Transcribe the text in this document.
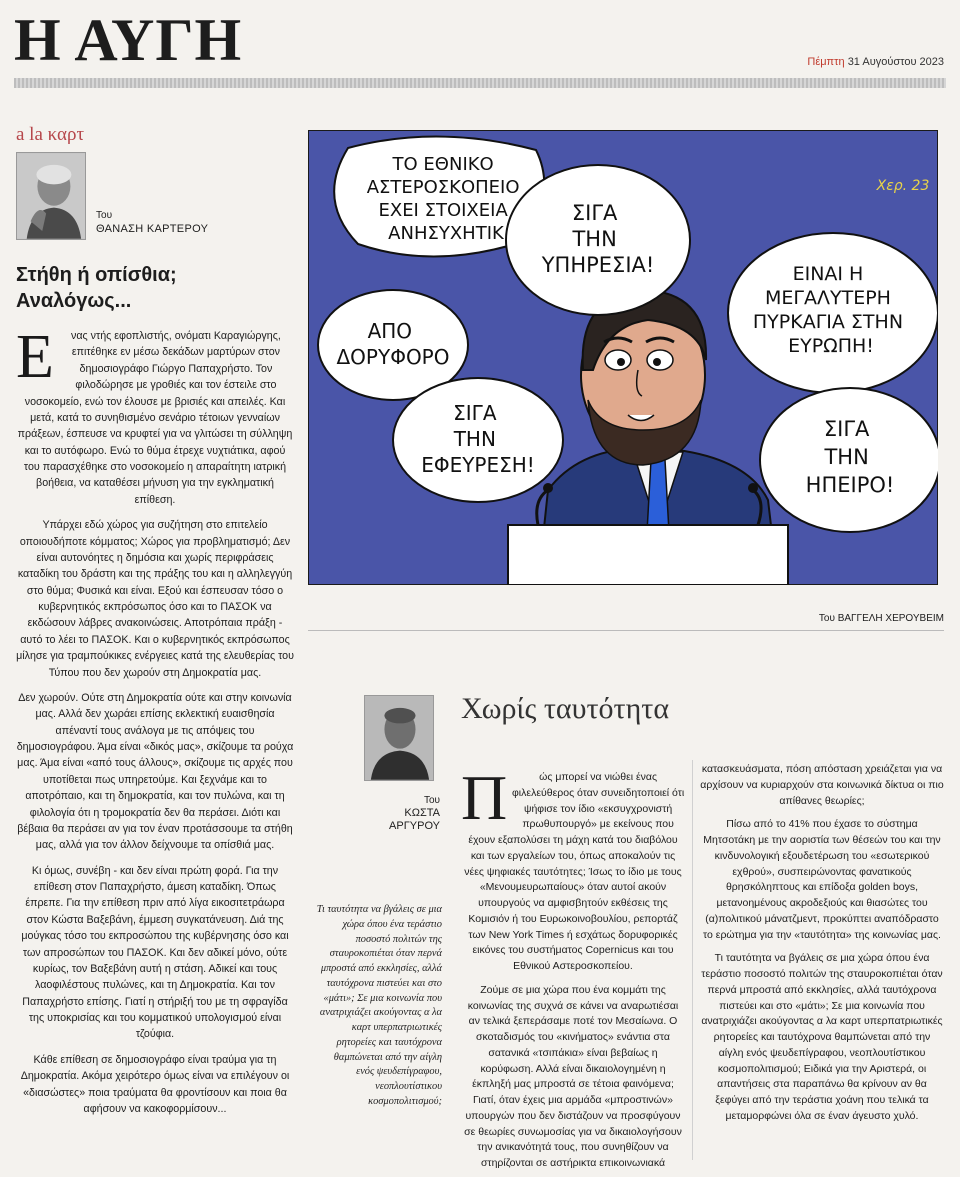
Η ΑΥΓΗ	Πέμπτη 31 Αυγούστου 2023
a la καρτ
Του
ΘΑΝΑΣΗ ΚΑΡΤΕΡΟΥ
Στήθη ή οπίσθια;
Αναλόγως...

Ε νας ντής εφοπλιστής, ονόματι Καραγιώργης, επιτέθηκε εν μέσω δεκάδων μαρτύρων στον δημοσιογράφο Γιώργο Παπαχρήστο. Τον φιλοδώρησε με γροθιές και τον έστειλε στο νοσοκομείο, ενώ τον έλουσε με βρισιές και απειλές. Και μετά, κατά το συνηθισμένο σενάριο τέτοιων γενναίων πράξεων, έσπευσε να κρυφτεί για να γλιτώσει τη σύλληψη και το αυτόφωρο. Ενώ το θύμα έτρεχε νυχτιάτικα, αφού του παρασχέθηκε στο νοσοκομείο η απαραίτητη ιατρική βοήθεια, να καταθέσει μήνυση για την εγκληματική επίθεση.

Υπάρχει εδώ χώρος για συζήτηση στο επιτελείο οποιουδήποτε κόμματος; Χώρος για προβληματισμό; Δεν είναι αυτονόητες η δημόσια και χωρίς περιφράσεις καταδίκη του δράστη και της πράξης του και η αλληλεγγύη στο θύμα; Φυσικά και είναι. Εξού και έσπευσαν τόσο ο κυβερνητικός εκπρόσωπος όσο και το ΠΑΣΟΚ να εκδώσουν λάβρες ανακοινώσεις. Αποτρόπαια πράξη - αυτό το λέει το ΠΑΣΟΚ. Και ο κυβερνητικός εκπρόσωπος μίλησε για τραμπούκικες ενέργειες κατά της ελευθερίας του Τύπου που δεν χωρούν στη Δημοκρατία μας.

Δεν χωρούν. Ούτε στη Δημοκρατία ούτε και στην κοινωνία μας. Αλλά δεν χωράει επίσης εκλεκτική ευαισθησία απέναντί τους ανάλογα με τις απόψεις του δημοσιογράφου. Άμα είναι «δικός μας», σκίζουμε τα ρούχα μας. Άμα είναι «από τους άλλους», σκίζουμε τις αρχές που υποτίθεται πως υπηρετούμε. Και ξεχνάμε και το αποτρόπαιο, και τη δημοκρατία, και τον πυλώνα, και τη φιλολογία ότι η τρομοκρατία δεν θα περάσει. Διότι και βέβαια θα περάσει αν για τον έναν προτάσσουμε τα στήθη μας, αλλά για τον άλλον δείχνουμε τα οπίσθιά μας.

Κι όμως, συνέβη - και δεν είναι πρώτη φορά. Για την επίθεση στον Παπαχρήστο, άμεση καταδίκη. Όπως έπρεπε. Για την επίθεση πριν από λίγα εικοσιτετράωρα στον Κώστα Βαξεβάνη, έμμεση συγκατάνευση. Διά της μούγκας τόσο του εκπροσώπου της κυβέρνησης όσο και των απροσώπων του ΠΑΣΟΚ. Και δεν αδικεί μόνο, ούτε κυρίως, τον Βαξεβάνη αυτή η στάση. Αδικεί και τους λαοφιλέστους πυλώνες, και τη Δημοκρατία. Και τον Παπαχρήστο επίσης. Γιατί η στήριξή του με τη σφραγίδα της υποκρισίας και του κομματικού υπολογισμού είναι τζούφια.

Κάθε επίθεση σε δημοσιογράφο είναι τραύμα για τη Δημοκρατία. Ακόμα χειρότερο όμως είναι να επιλέγουν οι «διασώστες» ποια τραύματα θα φροντίσουν και ποια θα αφήσουν να κακοφορμίσουν...

ΤΟ ΕΘΝΙΚΟ ΑΣΤΕΡΟΣΚΟΠΕΙΟ ΕΧΕΙ ΣΤΟΙΧΕΙΑ ΑΝΗΣΥΧΗΤΙΚ
ΣΙΓΑ ΤΗΝ ΥΠΗΡΕΣΙΑ!	ΕΙΝΑΙ Η ΜΕΓΑΛΥΤΕΡΗ ΠΥΡΚΑΓΙΑ ΣΤΗΝ ΕΥΡΩΠΗ!
ΑΠΟ ΔΟΡΥΦΟΡΟ
ΣΙΓΑ ΤΗΝ ΕΦΕΥΡΕΣΗ!
ΣΙΓΑ ΤΗΝ ΗΠΕΙΡΟ!
Χερ. 23
Του ΒΑΓΓΕΛΗ ΧΕΡΟΥΒΕΙΜ
Του
ΚΩΣΤΑ
ΑΡΓΥΡΟΥ
Χωρίς ταυτότητα
Τι ταυτότητα να βγάλεις σε μια χώρα όπου ένα τεράστιο ποσοστό πολιτών της σταυροκοπιέται όταν περνά μπροστά από εκκλησίες, αλλά ταυτόχρονα πιστεύει και στο «μάτι»; Σε μια κοινωνία που ανατριχιάζει ακούγοντας α λα καρτ υπερπατριωτικές ρητορείες και ταυτόχρονα θαμπώνεται από την αίγλη ενός ψευδεπίγραφου, νεοπλουτίστικου κοσμοπολιτισμού;

Π	ώς μπορεί να νιώθει ένας φιλελεύθερος όταν συνειδητοποιεί ότι ψήφισε τον ίδιο «εκσυγχρονιστή πρωθυπουργό» με εκείνους που έχουν εξαπολύσει τη μάχη κατά του διαβόλου και των εργαλείων του, όπως αποκαλούν τις νέες ψηφιακές ταυτότητες; Ίσως το ίδιο με τους «Μενουμευρωπαίους» όταν αυτοί ακούν υπουργούς να αμφισβητούν εκθέσεις της Κομισιόν ή του Ευρωκοινοβουλίου, ρεπορτάζ των New York Times ή εσχάτως δορυφορικές εικόνες του συστήματος Copernicus και του Εθνικού Αστεροσκοπείου.

Ζούμε σε μια χώρα που ένα κομμάτι της κοινωνίας της συχνά σε κάνει να αναρωτιέσαι αν τελικά ξεπεράσαμε ποτέ τον Μεσαίωνα. Ο σκοταδισμός του «κινήματος» ενάντια στα σατανικά «τσιπάκια» είναι βεβαίως η κορύφωση. Αλλά είναι δικαιολογημένη η έκπληξή μας μπροστά σε τέτοια φαινόμενα; Γιατί, όταν έχεις μια αρμάδα «μπροστινών» υπουργών που δεν διστάζουν να προσφύγουν σε θεωρίες συνωμοσίας για να δικαιολογήσουν την ανικανότητά τους, που συνηθίζουν να στηρίζονται σε αστήρικτα επικοινωνιακά

κατασκευάσματα, πόση απόσταση χρειάζεται για να αρχίσουν να κυριαρχούν στα κοινωνικά δίκτυα οι πιο απίθανες θεωρίες;

Πίσω από το 41% που έχασε το σύστημα Μητσοτάκη με την αοριστία των θέσεών του και την κινδυνολογική εξουδετέρωση του «εσωτερικού εχθρού», συσπειρώνοντας φανατικούς θρησκόληπτους και επίδοξα golden boys, μετανοημένους ακροδεξιούς και θιασώτες του (α)πολιτικού μάνατζμεντ, προκύπτει αναπόδραστο το ερώτημα για την «ταυτότητα» της κοινωνίας μας.

Τι ταυτότητα να βγάλεις σε μια χώρα όπου ένα τεράστιο ποσοστό πολιτών της σταυροκοπιέται όταν περνά μπροστά από εκκλησίες, αλλά ταυτόχρονα πιστεύει και στο «μάτι»; Σε μια κοινωνία που ανατριχιάζει ακούγοντας α λα καρτ υπερπατριωτικές ρητορείες και ταυτόχρονα θαμπώνεται από την αίγλη ενός ψευδεπίγραφου, νεοπλουτίστικου κοσμοπολιτισμού; Ειδικά για την Αριστερά, οι απαντήσεις στα παραπάνω θα κρίνουν αν θα ξεφύγει από την τεράστια χοάνη που τελικά τα μεταμορφώνει όλα σε έναν άγευστο χυλό.
